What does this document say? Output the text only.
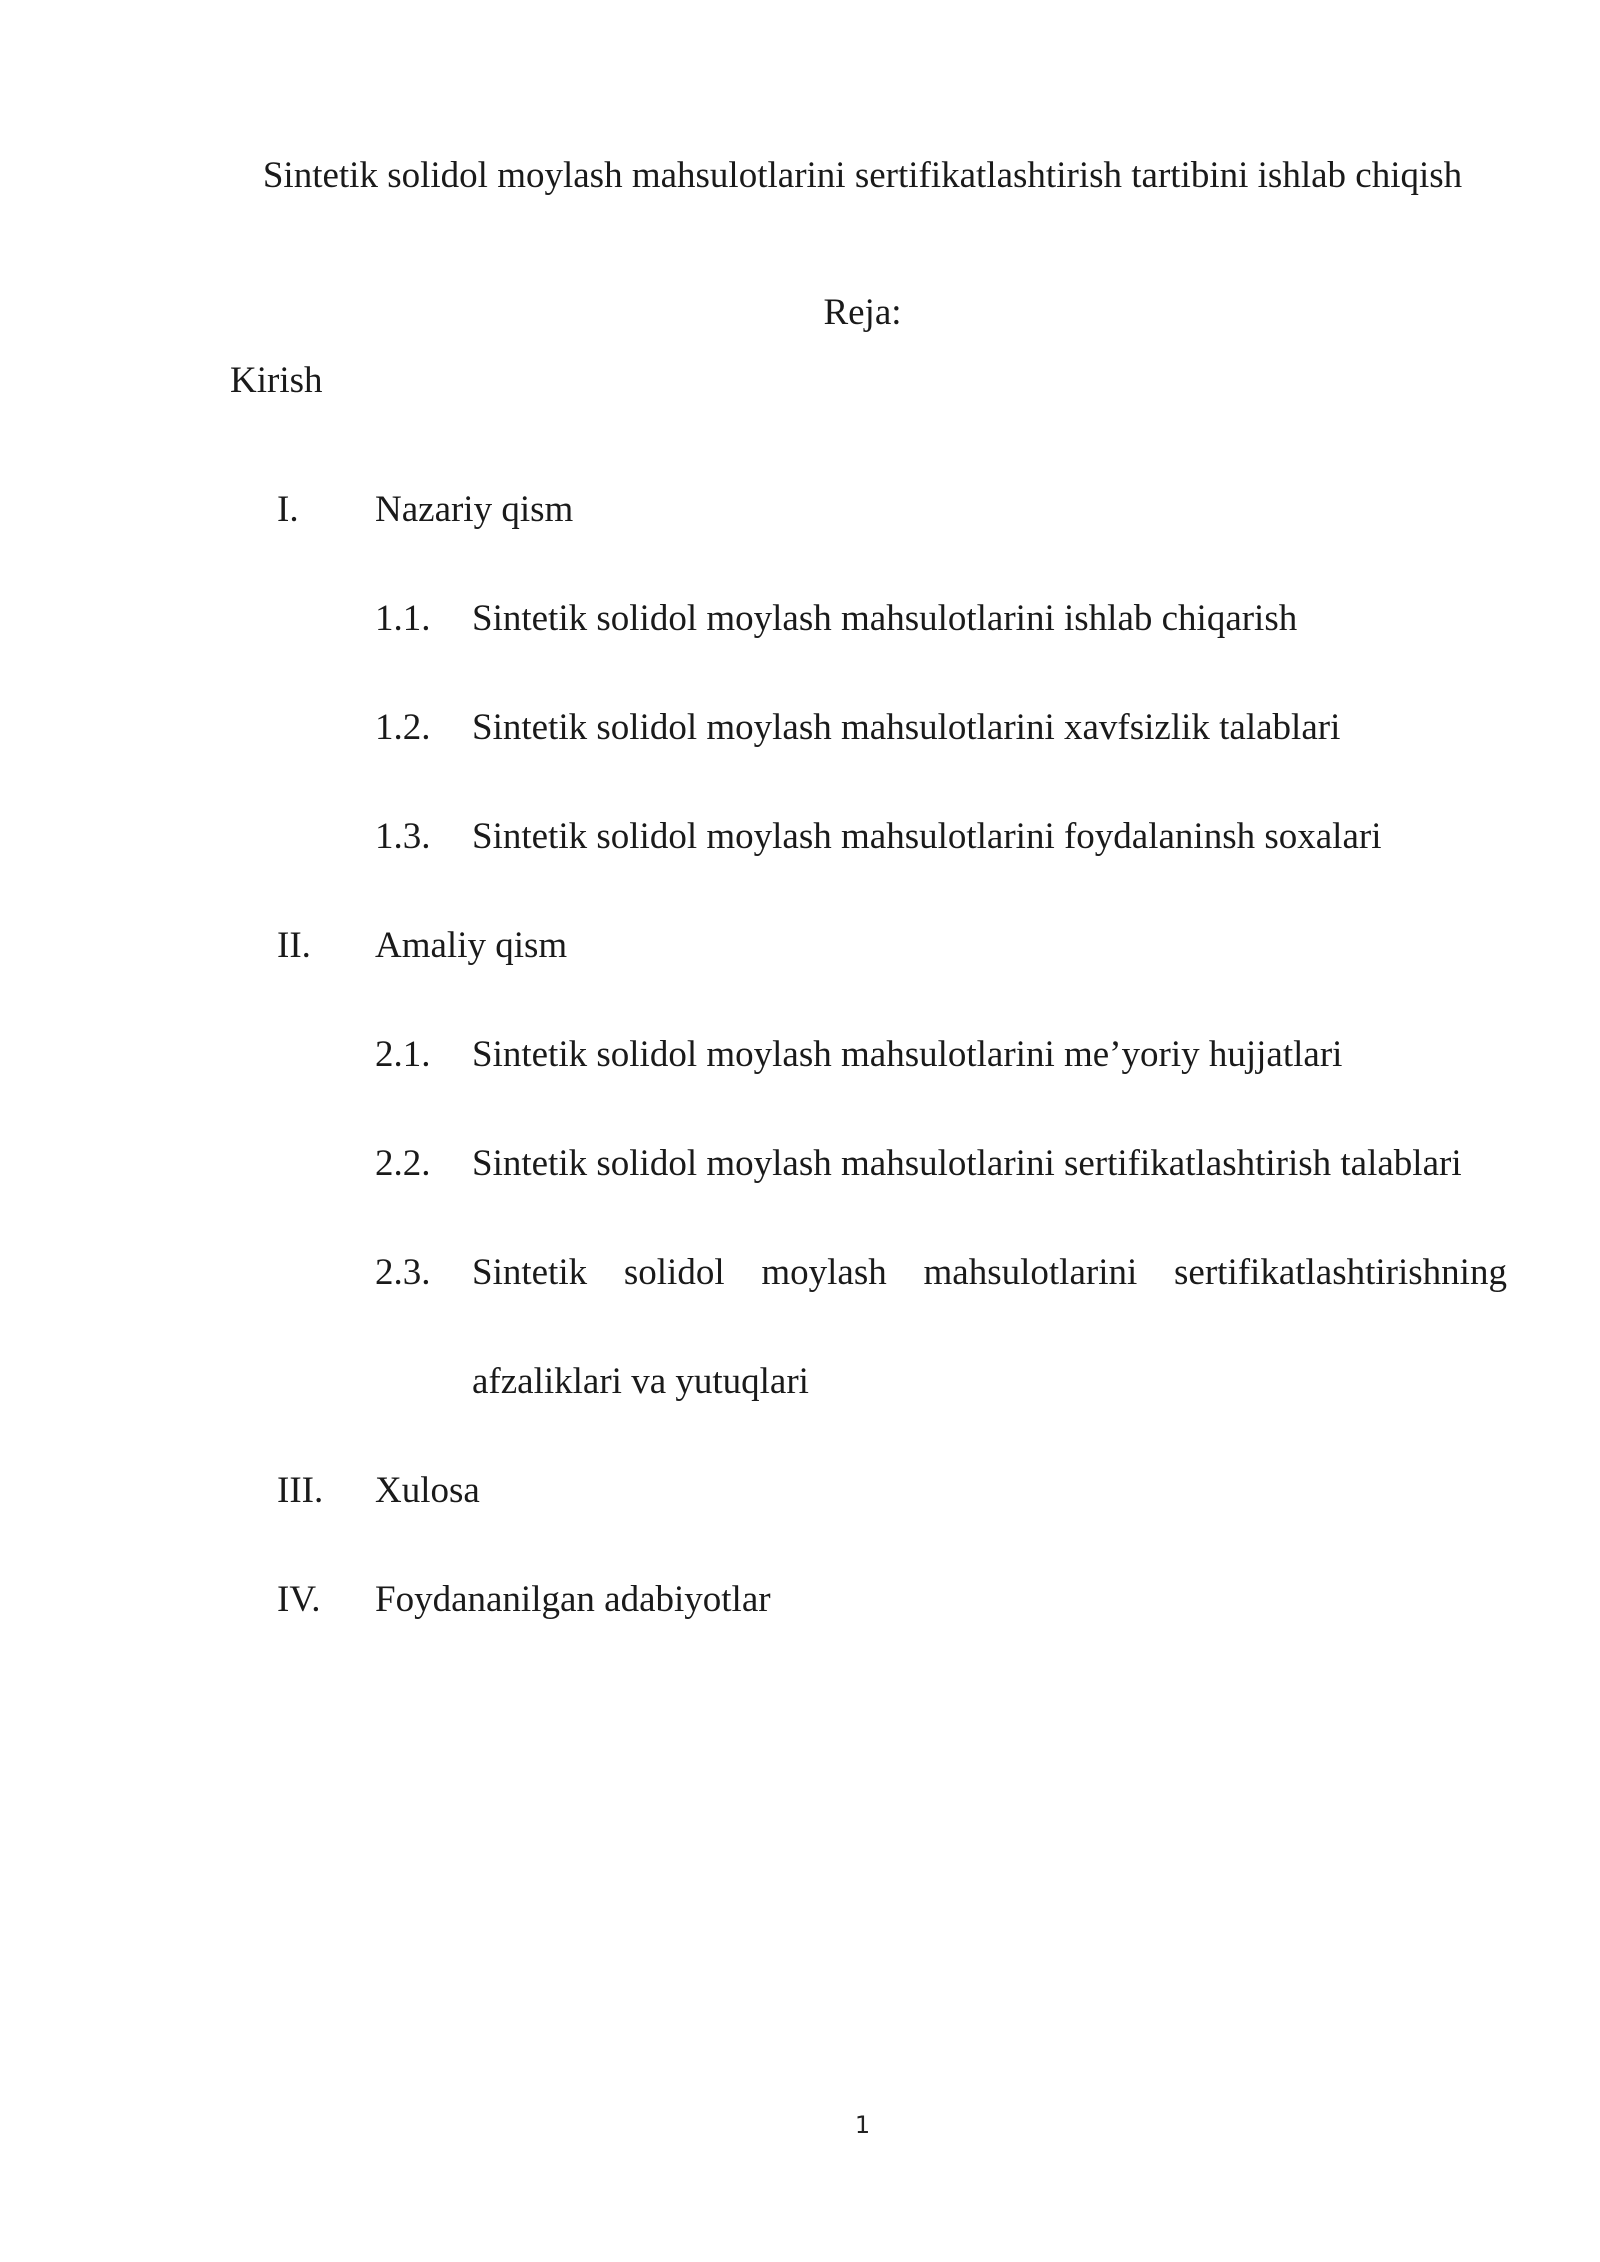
Sintetik solidol moylash mahsulotlarini sertifikatlashtirish tartibini ishlab chiqish
Reja:
Kirish
I. Nazariy qism
1.1. Sintetik solidol moylash mahsulotlarini ishlab chiqarish
1.2. Sintetik solidol moylash mahsulotlarini xavfsizlik talablari
1.3. Sintetik solidol moylash mahsulotlarini foydalaninsh soxalari
II. Amaliy qism
2.1. Sintetik solidol moylash mahsulotlarini me’yoriy hujjatlari
2.2. Sintetik solidol moylash mahsulotlarini sertifikatlashtirish talablari
2.3. Sintetik solidol moylash mahsulotlarini sertifikatlashtirishning
afzaliklari va yutuqlari
III. Xulosa
IV. Foydananilgan adabiyotlar
1
